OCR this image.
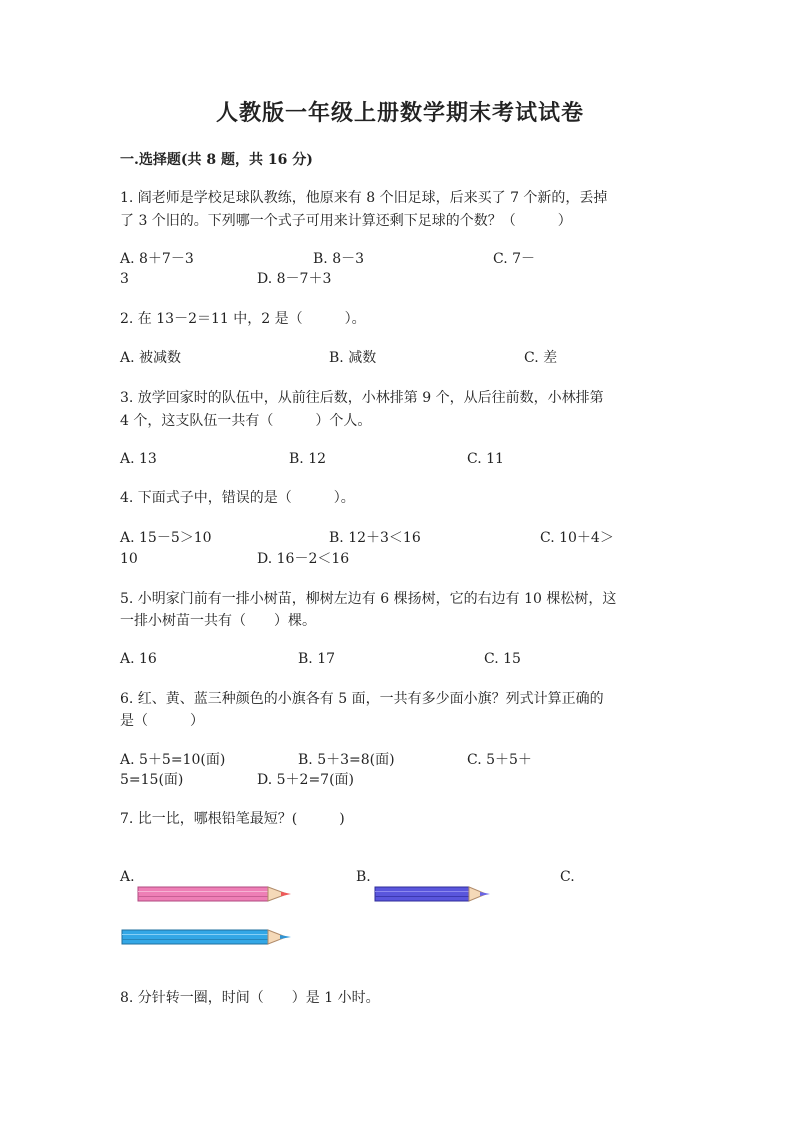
人教版一年级上册数学期末考试试卷
一.选择题(共 8 题，共 16 分)
1. 阎老师是学校足球队教练，他原来有 8 个旧足球，后来买了 7 个新的，丢掉
了 3 个旧的。下列哪一个式子可用来计算还剩下足球的个数？（　　　）
A. 8＋7－3	B. 8－3	C. 7－
3	D. 8－7＋3
2. 在 13－2＝11 中，2 是（　　　）。
A. 被减数	B. 减数	C. 差
3. 放学回家时的队伍中，从前往后数，小林排第 9 个，从后往前数，小林排第
4 个，这支队伍一共有（　　　）个人。
A. 13	B. 12	C. 11
4. 下面式子中，错误的是（　　　）。
A. 15－5＞10	B. 12＋3＜16	C. 10＋4＞
10	D. 16－2＜16
5. 小明家门前有一排小树苗，柳树左边有 6 棵扬树，它的右边有 10 棵松树，这
一排小树苗一共有（　　）棵。
A. 16	B. 17	C. 15
6. 红、黄、蓝三种颜色的小旗各有 5 面，一共有多少面小旗？列式计算正确的
是（　　　）
A. 5＋5=10(面)	B. 5＋3=8(面)	C. 5＋5＋
5=15(面)	D. 5＋2=7(面)
7. 比一比，哪根铅笔最短？(　　　)
A.	B.	C.
8. 分针转一圈，时间（　　）是 1 小时。
